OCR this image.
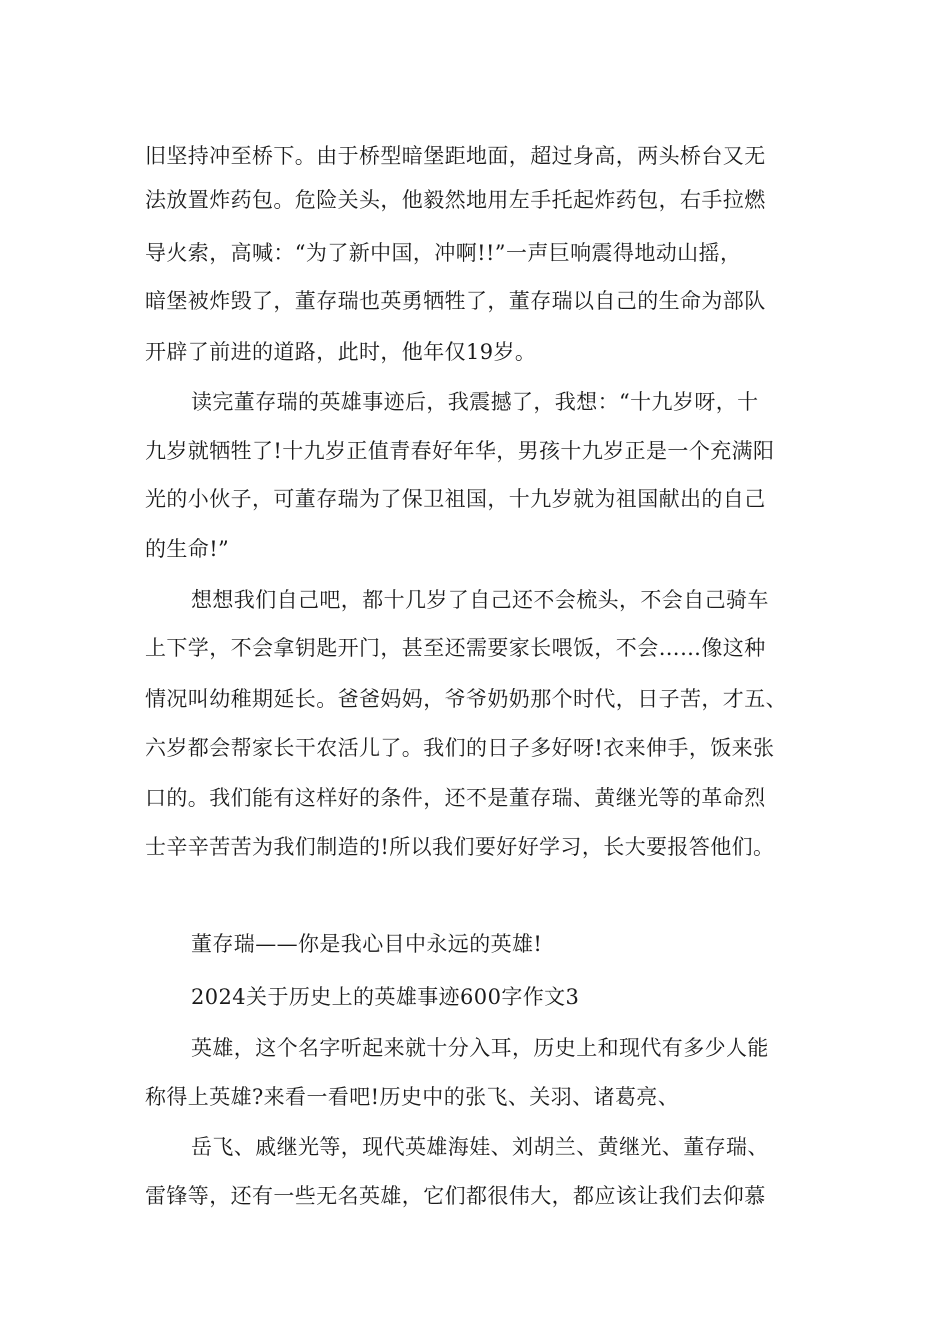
旧坚持冲至桥下。由于桥型暗堡距地面，超过身高，两头桥台又无

法放置炸药包。危险关头，他毅然地用左手托起炸药包，右手拉燃

导火索，高喊：“为了新中国，冲啊!!”一声巨响震得地动山摇，

暗堡被炸毁了，董存瑞也英勇牺牲了，董存瑞以自己的生命为部队

开辟了前进的道路，此时，他年仅19岁。

读完董存瑞的英雄事迹后，我震撼了，我想：“十九岁呀，十

九岁就牺牲了!十九岁正值青春好年华，男孩十九岁正是一个充满阳

光的小伙子，可董存瑞为了保卫祖国，十九岁就为祖国献出的自己

的生命!”

想想我们自己吧，都十几岁了自己还不会梳头，不会自己骑车

上下学，不会拿钥匙开门，甚至还需要家长喂饭，不会……像这种

情况叫幼稚期延长。爸爸妈妈，爷爷奶奶那个时代，日子苦，才五、

六岁都会帮家长干农活儿了。我们的日子多好呀!衣来伸手，饭来张

口的。我们能有这样好的条件，还不是董存瑞、黄继光等的革命烈

士辛辛苦苦为我们制造的!所以我们要好好学习，长大要报答他们。

董存瑞——你是我心目中永远的英雄!

2024关于历史上的英雄事迹600字作文3

英雄，这个名字听起来就十分入耳，历史上和现代有多少人能

称得上英雄?来看一看吧!历史中的张飞、关羽、诸葛亮、

岳飞、戚继光等，现代英雄海娃、刘胡兰、黄继光、董存瑞、

雷锋等，还有一些无名英雄，它们都很伟大，都应该让我们去仰慕
